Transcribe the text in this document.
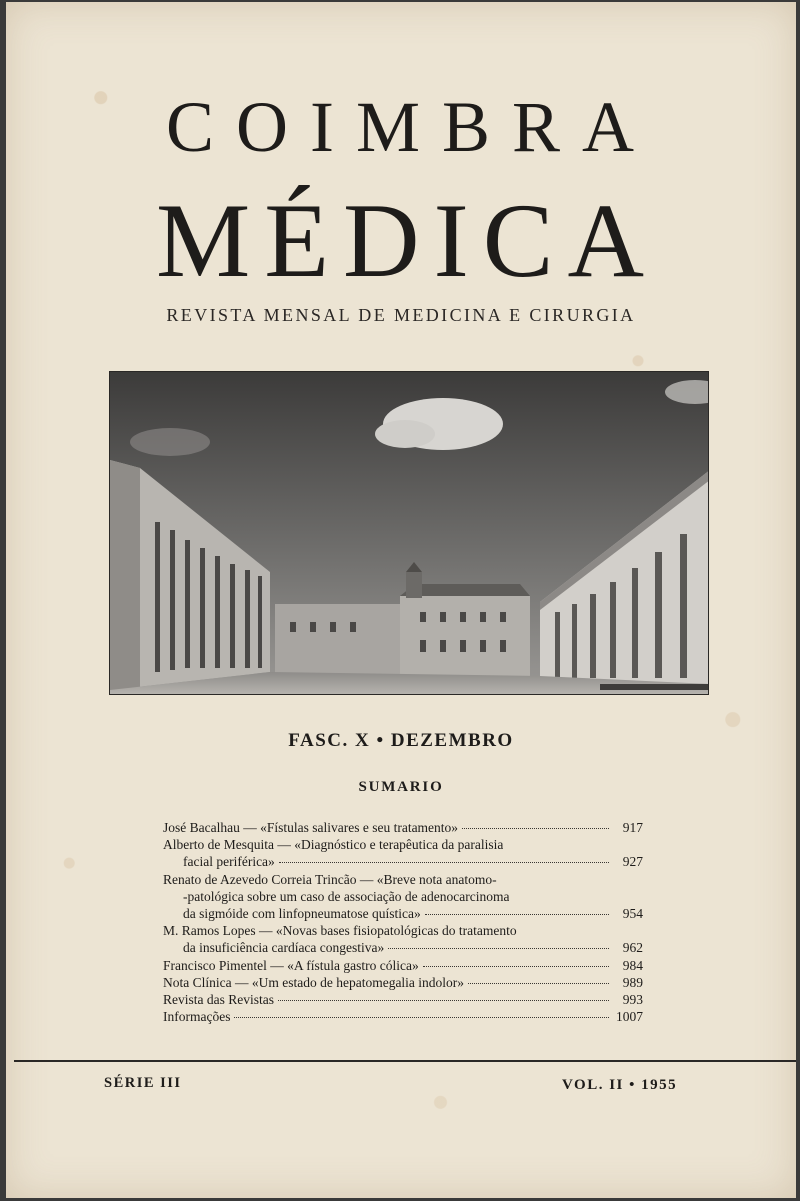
COIMBRA
MÉDICA
REVISTA MENSAL DE MEDICINA E CIRURGIA
FASC. X • DEZEMBRO
SUMARIO
José Bacalhau — «Fístulas salivares e seu tratamento»	917
Alberto de Mesquita — «Diagnóstico e terapêutica da paralisia
facial periférica»	927
Renato de Azevedo Correia Trincão — «Breve nota anatomo-
-patológica sobre um caso de associação de adenocarcinoma
da sigmóide com linfopneumatose quística»	954
M. Ramos Lopes — «Novas bases fisiopatológicas do tratamento
da insuficiência cardíaca congestiva»	962
Francisco Pimentel — «A fístula gastro cólica»	984
Nota Clínica — «Um estado de hepatomegalia indolor»	989
Revista das Revistas	993
Informações	1007
SÉRIE III	VOL. II • 1955
